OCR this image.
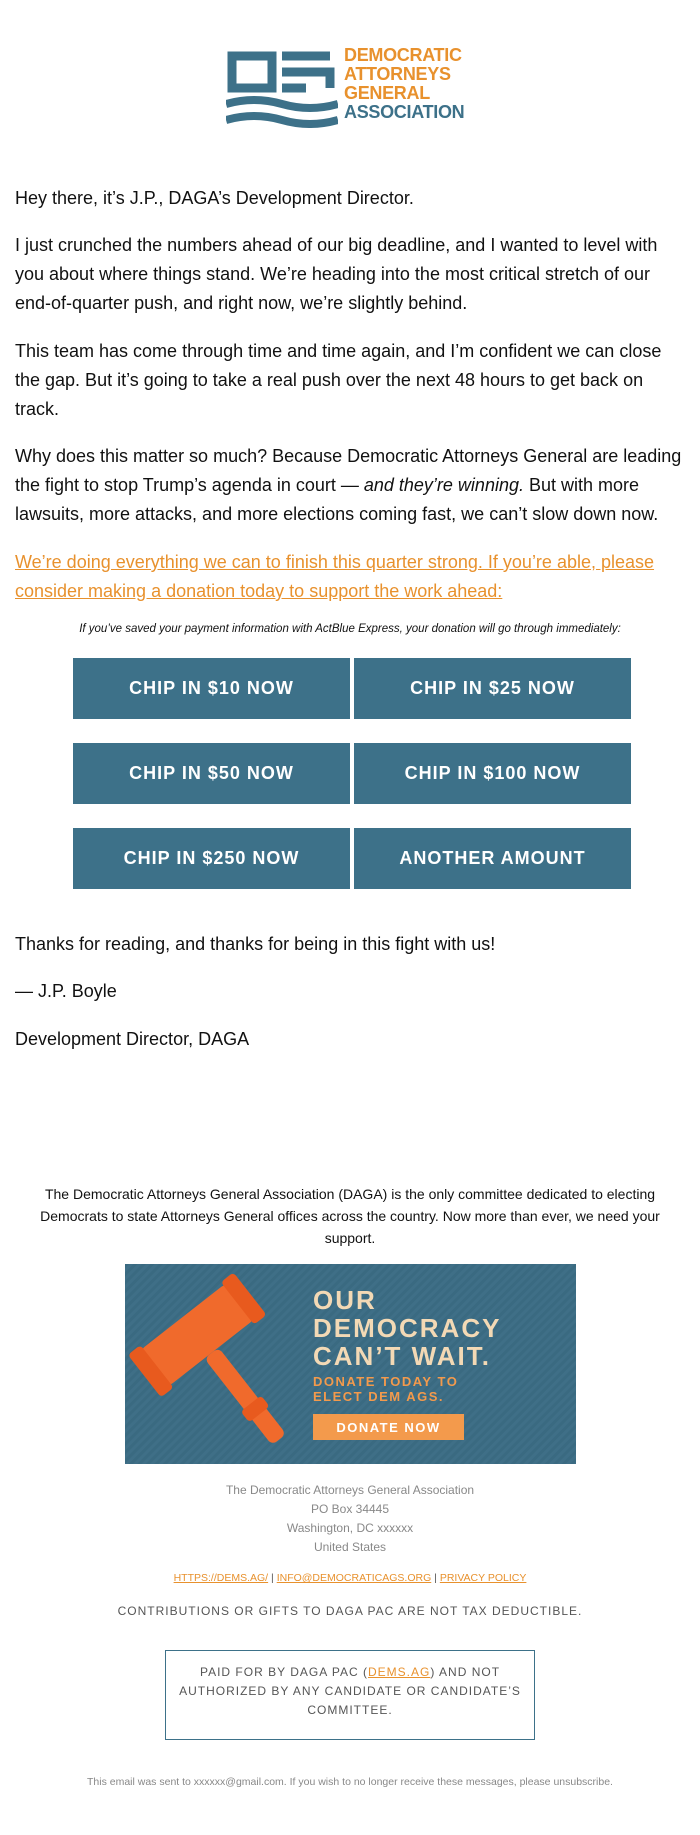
DEMOCRATIC
ATTORNEYS
GENERAL
ASSOCIATION

Hey there, it’s J.P., DAGA’s Development Director.

I just crunched the numbers ahead of our big deadline, and I wanted to level with you about where things stand. We’re heading into the most critical stretch of our end-of-quarter push, and right now, we’re slightly behind.

This team has come through time and time again, and I’m confident we can close the gap. But it’s going to take a real push over the next 48 hours to get back on track.

Why does this matter so much? Because Democratic Attorneys General are leading the fight to stop Trump’s agenda in court — and they’re winning. But with more lawsuits, more attacks, and more elections coming fast, we can’t slow down now.

We’re doing everything we can to finish this quarter strong. If you’re able, please consider making a donation today to support the work ahead:
If you’ve saved your payment information with ActBlue Express, your donation will go through immediately:
CHIP IN $10 NOW	CHIP IN $25 NOW
CHIP IN $50 NOW	CHIP IN $100 NOW
CHIP IN $250 NOW	ANOTHER AMOUNT
Thanks for reading, and thanks for being in this fight with us!
— J.P. Boyle
Development Director, DAGA
The Democratic Attorneys General Association (DAGA) is the only committee dedicated to electing Democrats to state Attorneys General offices across the country. Now more than ever, we need your support.
OUR
DEMOCRACY
CAN’T WAIT.
DONATE TODAY TO
ELECT DEM AGS.
DONATE NOW
The Democratic Attorneys General Association
PO Box 34445
Washington, DC xxxxxx
United States
HTTPS://DEMS.AG/ | INFO@DEMOCRATICAGS.ORG | PRIVACY POLICY
CONTRIBUTIONS OR GIFTS TO DAGA PAC ARE NOT TAX DEDUCTIBLE.
PAID FOR BY DAGA PAC (DEMS.AG) AND NOT AUTHORIZED BY ANY CANDIDATE OR CANDIDATE’S COMMITTEE.
This email was sent to xxxxxx@gmail.com. If you wish to no longer receive these messages, please unsubscribe.
